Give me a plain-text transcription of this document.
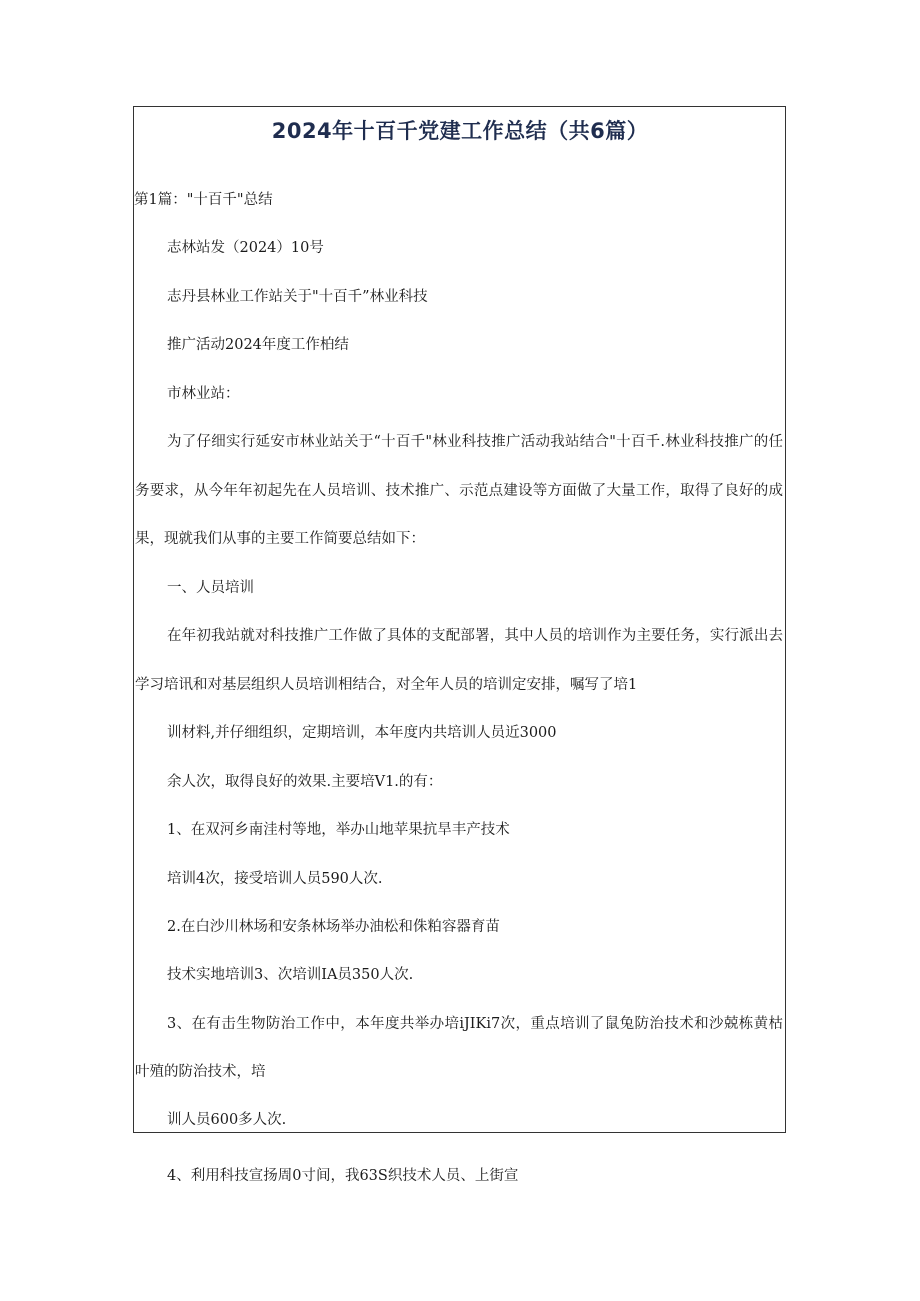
2024年十百千党建工作总结（共6篇）

第1篇："十百千"总结

志林站发（2024）10号

志丹县林业工作站关于"十百千”林业科技

推广活动2024年度工作柏结

市林业站：

为了仔细实行延安市林业站关于“十百千"林业科技推广活动我站结合"十百千.林业科技推广的任

务要求，从今年年初起先在人员培训、技术推广、示范点建设等方面做了大量工作，取得了良好的成

果，现就我们从事的主要工作简要总结如下：

一、人员培训

在年初我站就对科技推广工作做了具体的支配部署，其中人员的培训作为主要任务，实行派出去

学习培讯和对基层组织人员培训相结合，对全年人员的培训定安排，嘱写了培1

训材料,并仔细组织，定期培训，本年度内共培训人员近3000

余人次，取得良好的效果.主要培V1.的有：

1、在双河乡南洼村等地，举办山地苹果抗旱丰产技术

培训4次，接受培训人员590人次.

2.在白沙川林场和安条林场举办油松和侏粕容器育苗

技术实地培训3、次培训IA员350人次.

3、在有击生物防治工作中，本年度共举办培iJIKi7次，重点培训了鼠兔防治技术和沙兢栋黄枯

叶殖的防治技术，培

训人员600多人次.

4、利用科技宣扬周0寸间，我63S织技术人员、上街宣
